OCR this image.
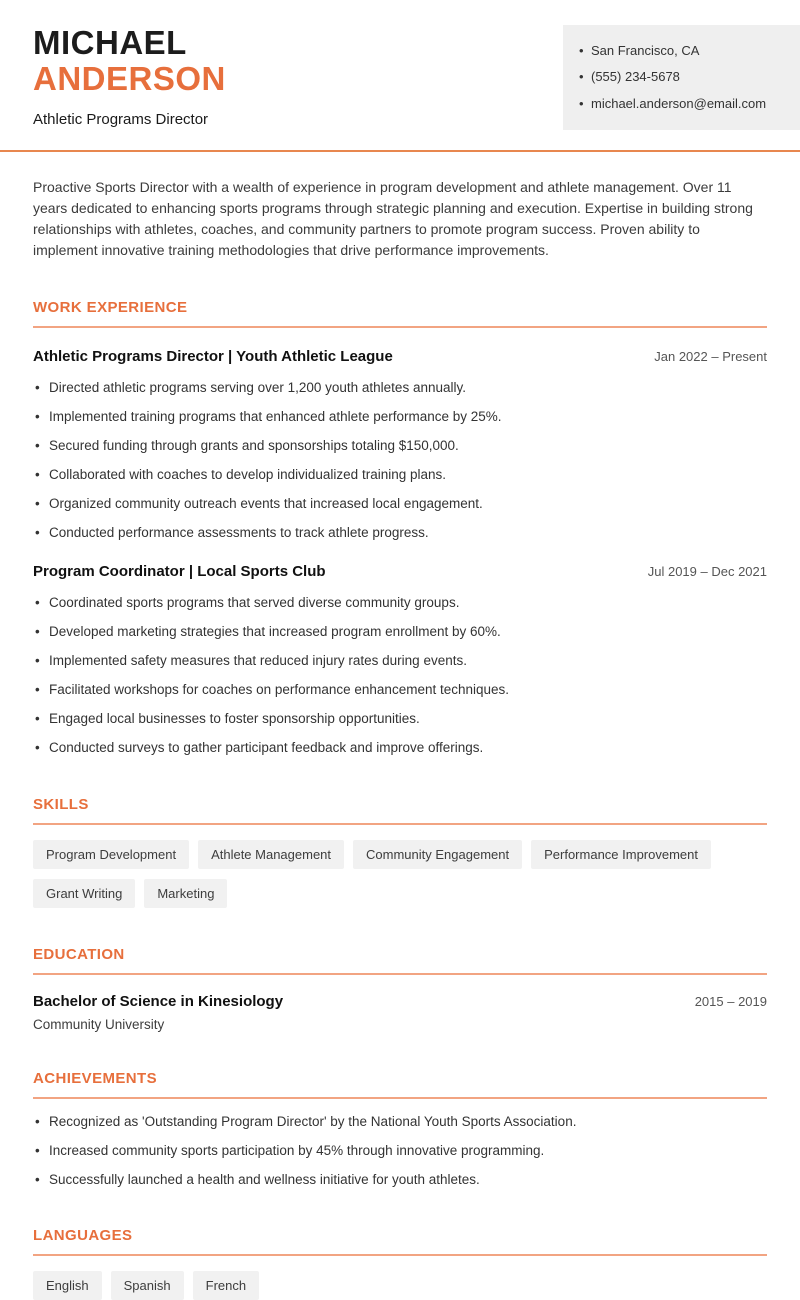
MICHAEL
ANDERSON
Athletic Programs Director
• San Francisco, CA
• (555) 234-5678
• michael.anderson@email.com

Proactive Sports Director with a wealth of experience in program development and athlete management. Over 11 years dedicated to enhancing sports programs through strategic planning and execution. Expertise in building strong relationships with athletes, coaches, and community partners to promote program success. Proven ability to implement innovative training methodologies that drive performance improvements.

WORK EXPERIENCE
Athletic Programs Director | Youth Athletic League	Jan 2022 – Present
• Directed athletic programs serving over 1,200 youth athletes annually.
• Implemented training programs that enhanced athlete performance by 25%.
• Secured funding through grants and sponsorships totaling $150,000.
• Collaborated with coaches to develop individualized training plans.
• Organized community outreach events that increased local engagement.
• Conducted performance assessments to track athlete progress.
Program Coordinator | Local Sports Club	Jul 2019 – Dec 2021
• Coordinated sports programs that served diverse community groups.
• Developed marketing strategies that increased program enrollment by 60%.
• Implemented safety measures that reduced injury rates during events.
• Facilitated workshops for coaches on performance enhancement techniques.
• Engaged local businesses to foster sponsorship opportunities.
• Conducted surveys to gather participant feedback and improve offerings.
SKILLS
Program Development	Athlete Management	Community Engagement	Performance Improvement
Grant Writing	Marketing
EDUCATION
Bachelor of Science in Kinesiology	2015 – 2019
Community University
ACHIEVEMENTS
• Recognized as 'Outstanding Program Director' by the National Youth Sports Association.
• Increased community sports participation by 45% through innovative programming.
• Successfully launched a health and wellness initiative for youth athletes.
LANGUAGES
English	Spanish	French
